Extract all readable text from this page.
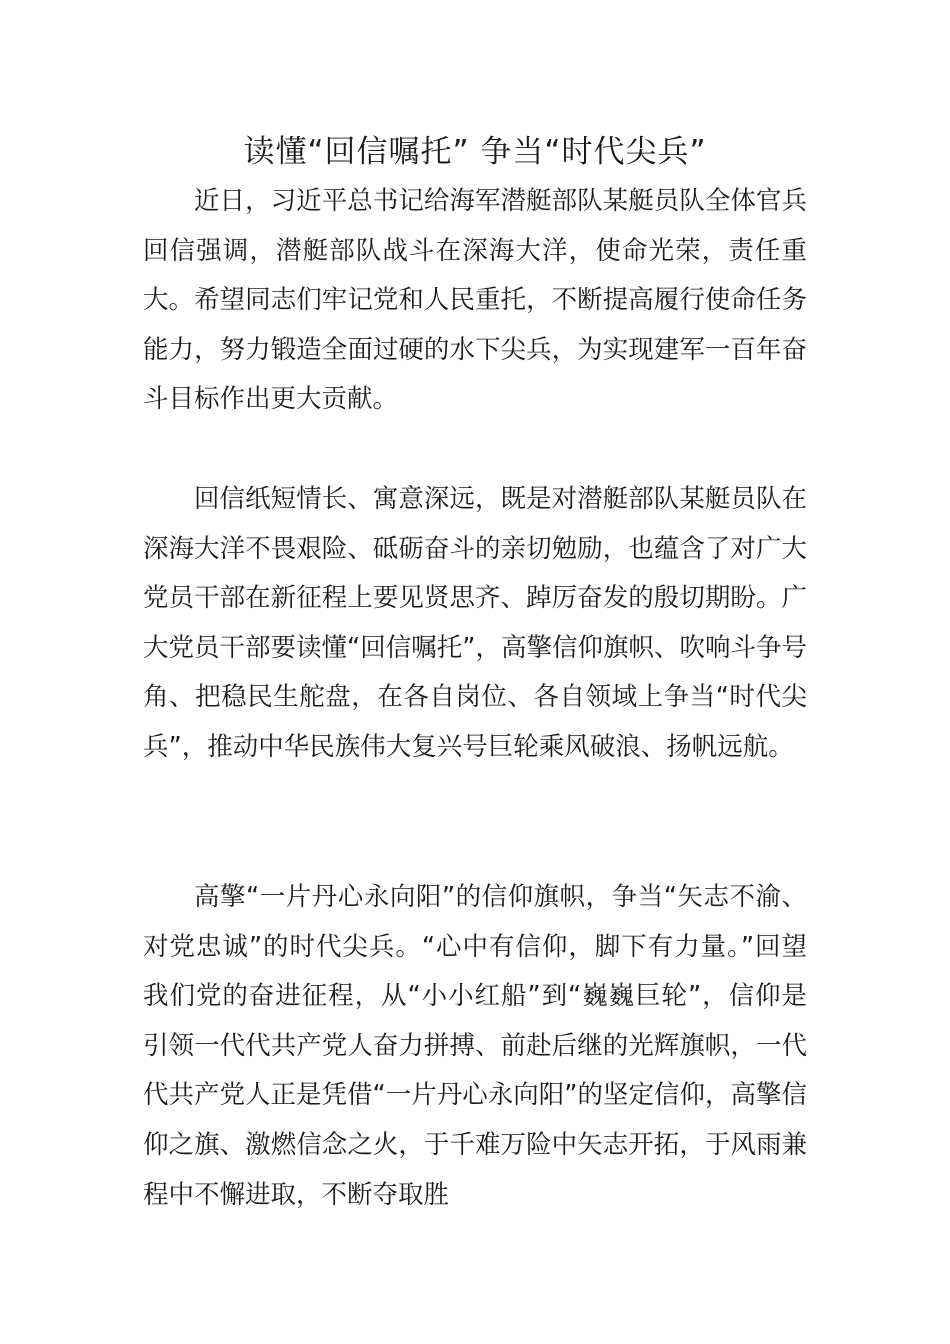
读懂“回信嘱托” 争当“时代尖兵”

近日，习近平总书记给海军潜艇部队某艇员队全体官兵回信强调，潜艇部队战斗在深海大洋，使命光荣，责任重大。希望同志们牢记党和人民重托，不断提高履行使命任务能力，努力锻造全面过硬的水下尖兵，为实现建军一百年奋斗目标作出更大贡献。

回信纸短情长、寓意深远，既是对潜艇部队某艇员队在深海大洋不畏艰险、砥砺奋斗的亲切勉励，也蕴含了对广大党员干部在新征程上要见贤思齐、踔厉奋发的殷切期盼。广大党员干部要读懂“回信嘱托”，高擎信仰旗帜、吹响斗争号角、把稳民生舵盘，在各自岗位、各自领域上争当“时代尖兵”，推动中华民族伟大复兴号巨轮乘风破浪、扬帆远航。

高擎“一片丹心永向阳”的信仰旗帜，争当“矢志不渝、对党忠诚”的时代尖兵。“心中有信仰，脚下有力量。”回望我们党的奋进征程，从“小小红船”到“巍巍巨轮”，信仰是引领一代代共产党人奋力拼搏、前赴后继的光辉旗帜，一代代共产党人正是凭借“一片丹心永向阳”的坚定信仰，高擎信仰之旗、激燃信念之火，于千难万险中矢志开拓，于风雨兼程中不懈进取，不断夺取胜
